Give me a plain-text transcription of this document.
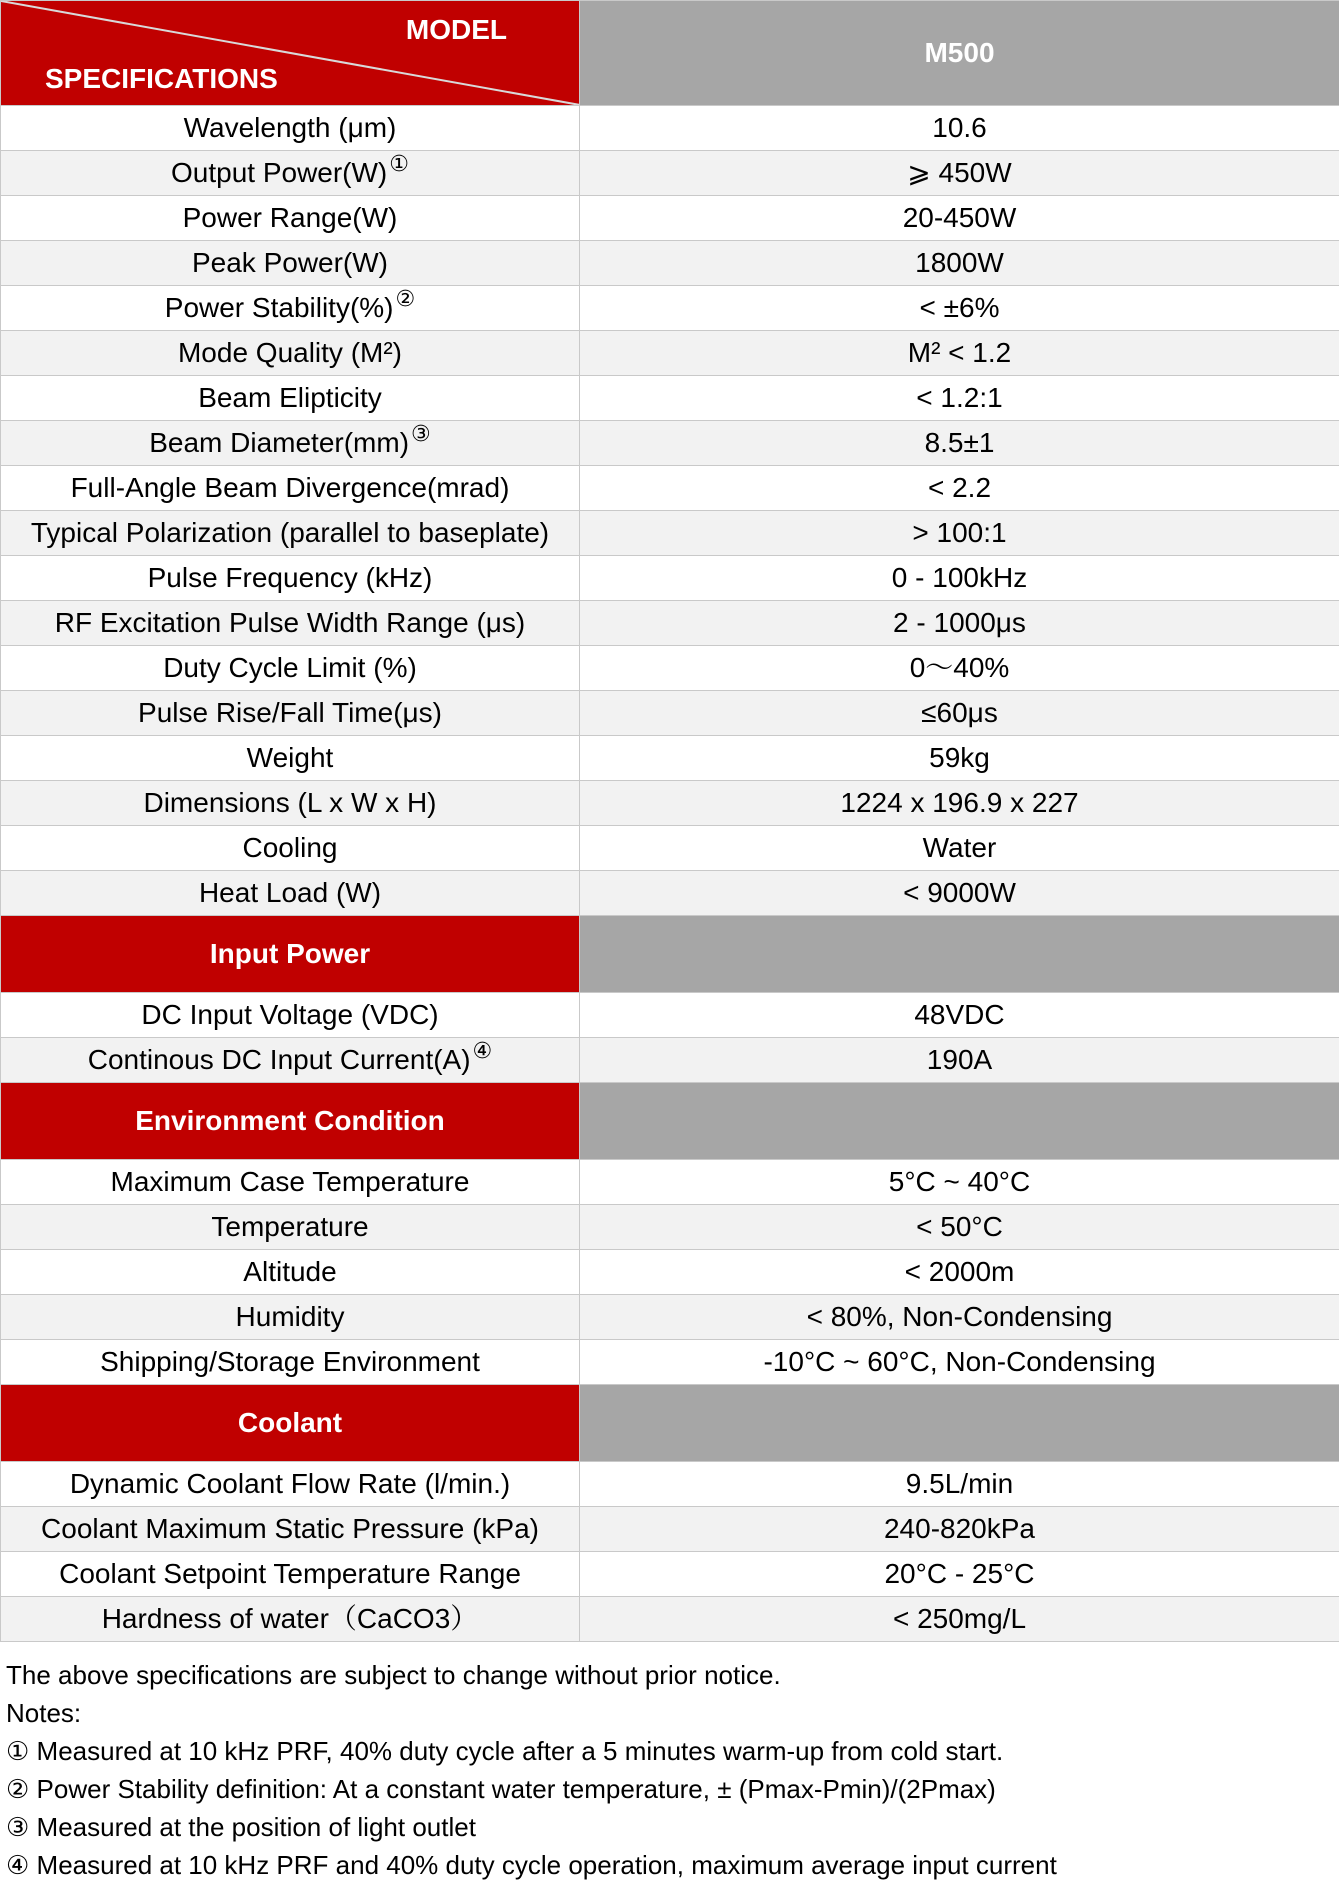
MODEL
SPECIFICATIONS	M500
Wavelength (μm)	10.6
Output Power(W)①	⩾ 450W
Power Range(W)	20-450W
Peak Power(W)	1800W
Power Stability(%)②	< ±6%
Mode Quality (M²)	M² < 1.2
Beam Elipticity	< 1.2:1
Beam Diameter(mm)③	8.5±1
Full-Angle Beam Divergence(mrad)	< 2.2
Typical Polarization (parallel to baseplate)	> 100:1
Pulse Frequency (kHz)	0 - 100kHz
RF Excitation Pulse Width Range (μs)	2 - 1000μs
Duty Cycle Limit (%)	0～40%
Pulse Rise/Fall Time(μs)	≤60μs
Weight	59kg
Dimensions (L x W x H)	1224 x 196.9 x 227
Cooling	Water
Heat Load (W)	< 9000W
Input Power	
DC Input Voltage (VDC)	48VDC
Continous DC Input Current(A)④	190A
Environment Condition	
Maximum Case Temperature	5°C ~ 40°C
Temperature	< 50°C
Altitude	< 2000m
Humidity	< 80%, Non-Condensing
Shipping/Storage Environment	-10°C ~ 60°C, Non-Condensing
Coolant	
Dynamic Coolant Flow Rate (l/min.)	9.5L/min
Coolant Maximum Static Pressure (kPa)	240-820kPa
Coolant Setpoint Temperature Range	20°C - 25°C
Hardness of water（CaCO3）	< 250mg/L
The above specifications are subject to change without prior notice.
Notes:
① Measured at 10 kHz PRF, 40% duty cycle after a 5 minutes warm-up from cold start.
② Power Stability definition: At a constant water temperature, ± (Pmax-Pmin)/(2Pmax)
③ Measured at the position of light outlet
④ Measured at 10 kHz PRF and 40% duty cycle operation, maximum average input current
